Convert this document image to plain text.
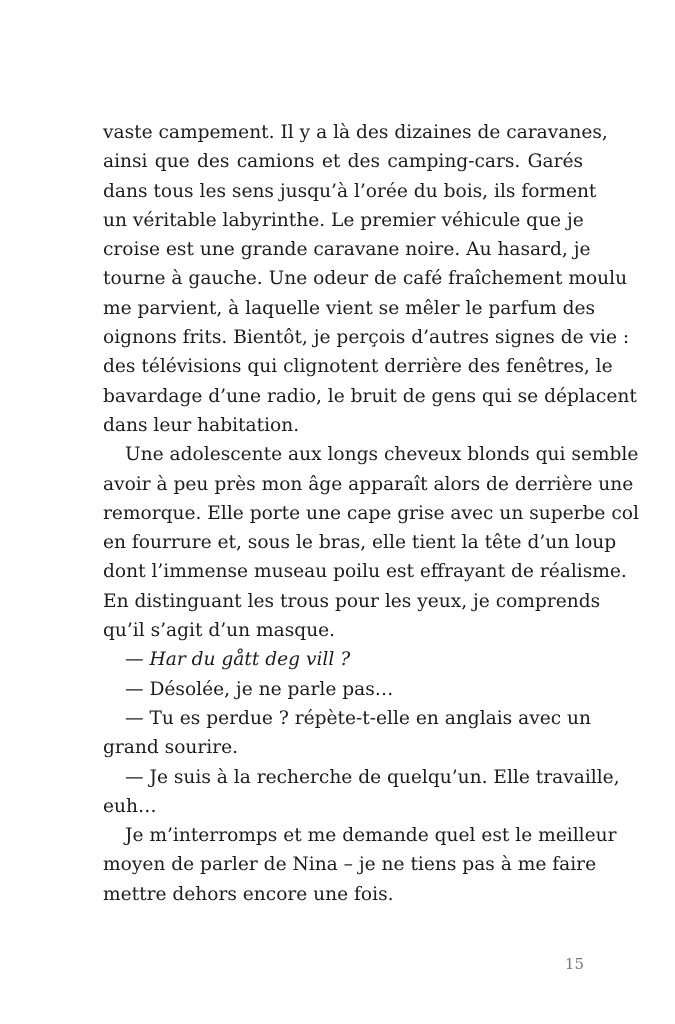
vaste campement. Il y a là des dizaines de caravanes,
ainsi que des camions et des camping-cars. Garés
dans tous les sens jusqu’à l’orée du bois, ils forment
un véritable labyrinthe. Le premier véhicule que je
croise est une grande caravane noire. Au hasard, je
tourne à gauche. Une odeur de café fraîchement moulu
me parvient, à laquelle vient se mêler le parfum des
oignons frits. Bientôt, je perçois d’autres signes de vie :
des télévisions qui clignotent derrière des fenêtres, le
bavardage d’une radio, le bruit de gens qui se déplacent
dans leur habitation.
Une adolescente aux longs cheveux blonds qui semble
avoir à peu près mon âge apparaît alors de derrière une
remorque. Elle porte une cape grise avec un superbe col
en fourrure et, sous le bras, elle tient la tête d’un loup
dont l’immense museau poilu est effrayant de réalisme.
En distinguant les trous pour les yeux, je comprends
qu’il s’agit d’un masque.
— Har du gått deg vill ?
— Désolée, je ne parle pas…
— Tu es perdue ? répète-t-elle en anglais avec un
grand sourire.
— Je suis à la recherche de quelqu’un. Elle travaille,
euh…
Je m’interromps et me demande quel est le meilleur
moyen de parler de Nina – je ne tiens pas à me faire
mettre dehors encore une fois.
15
